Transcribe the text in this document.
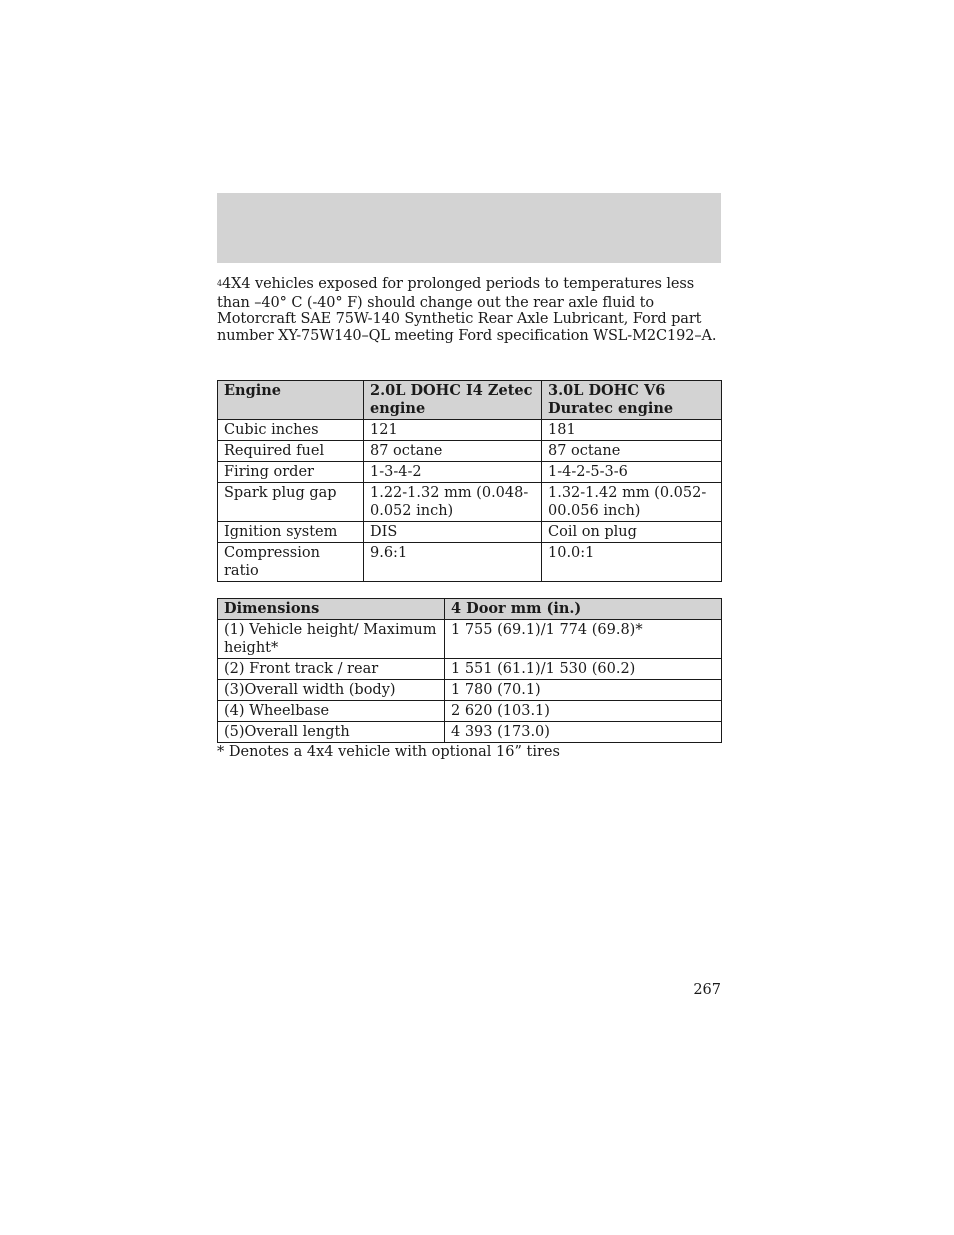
$^4$4X4 vehicles exposed for prolonged periods to temperatures less than –40° C (-40° F) should change out the rear axle fluid to Motorcraft SAE 75W-140 Synthetic Rear Axle Lubricant, Ford part number XY-75W140–QL meeting Ford specification WSL-M2C192–A.

Engine	2.0L DOHC I4 Zetec engine	3.0L DOHC V6 Duratec engine
Cubic inches	121	181
Required fuel	87 octane	87 octane
Firing order	1-3-4-2	1-4-2-5-3-6
Spark plug gap	1.22-1.32 mm (0.048-0.052 inch)	1.32-1.42 mm (0.052-00.056 inch)
Ignition system	DIS	Coil on plug
Compression ratio	9.6:1	10.0:1
Dimensions	4 Door mm (in.)
(1) Vehicle height/ Maximum height*	1 755 (69.1)/1 774 (69.8)*
(2) Front track / rear	1 551 (61.1)/1 530 (60.2)
(3)Overall width (body)	1 780 (70.1)
(4) Wheelbase	2 620 (103.1)
(5)Overall length	4 393 (173.0)
* Denotes a 4x4 vehicle with optional 16” tires
267
